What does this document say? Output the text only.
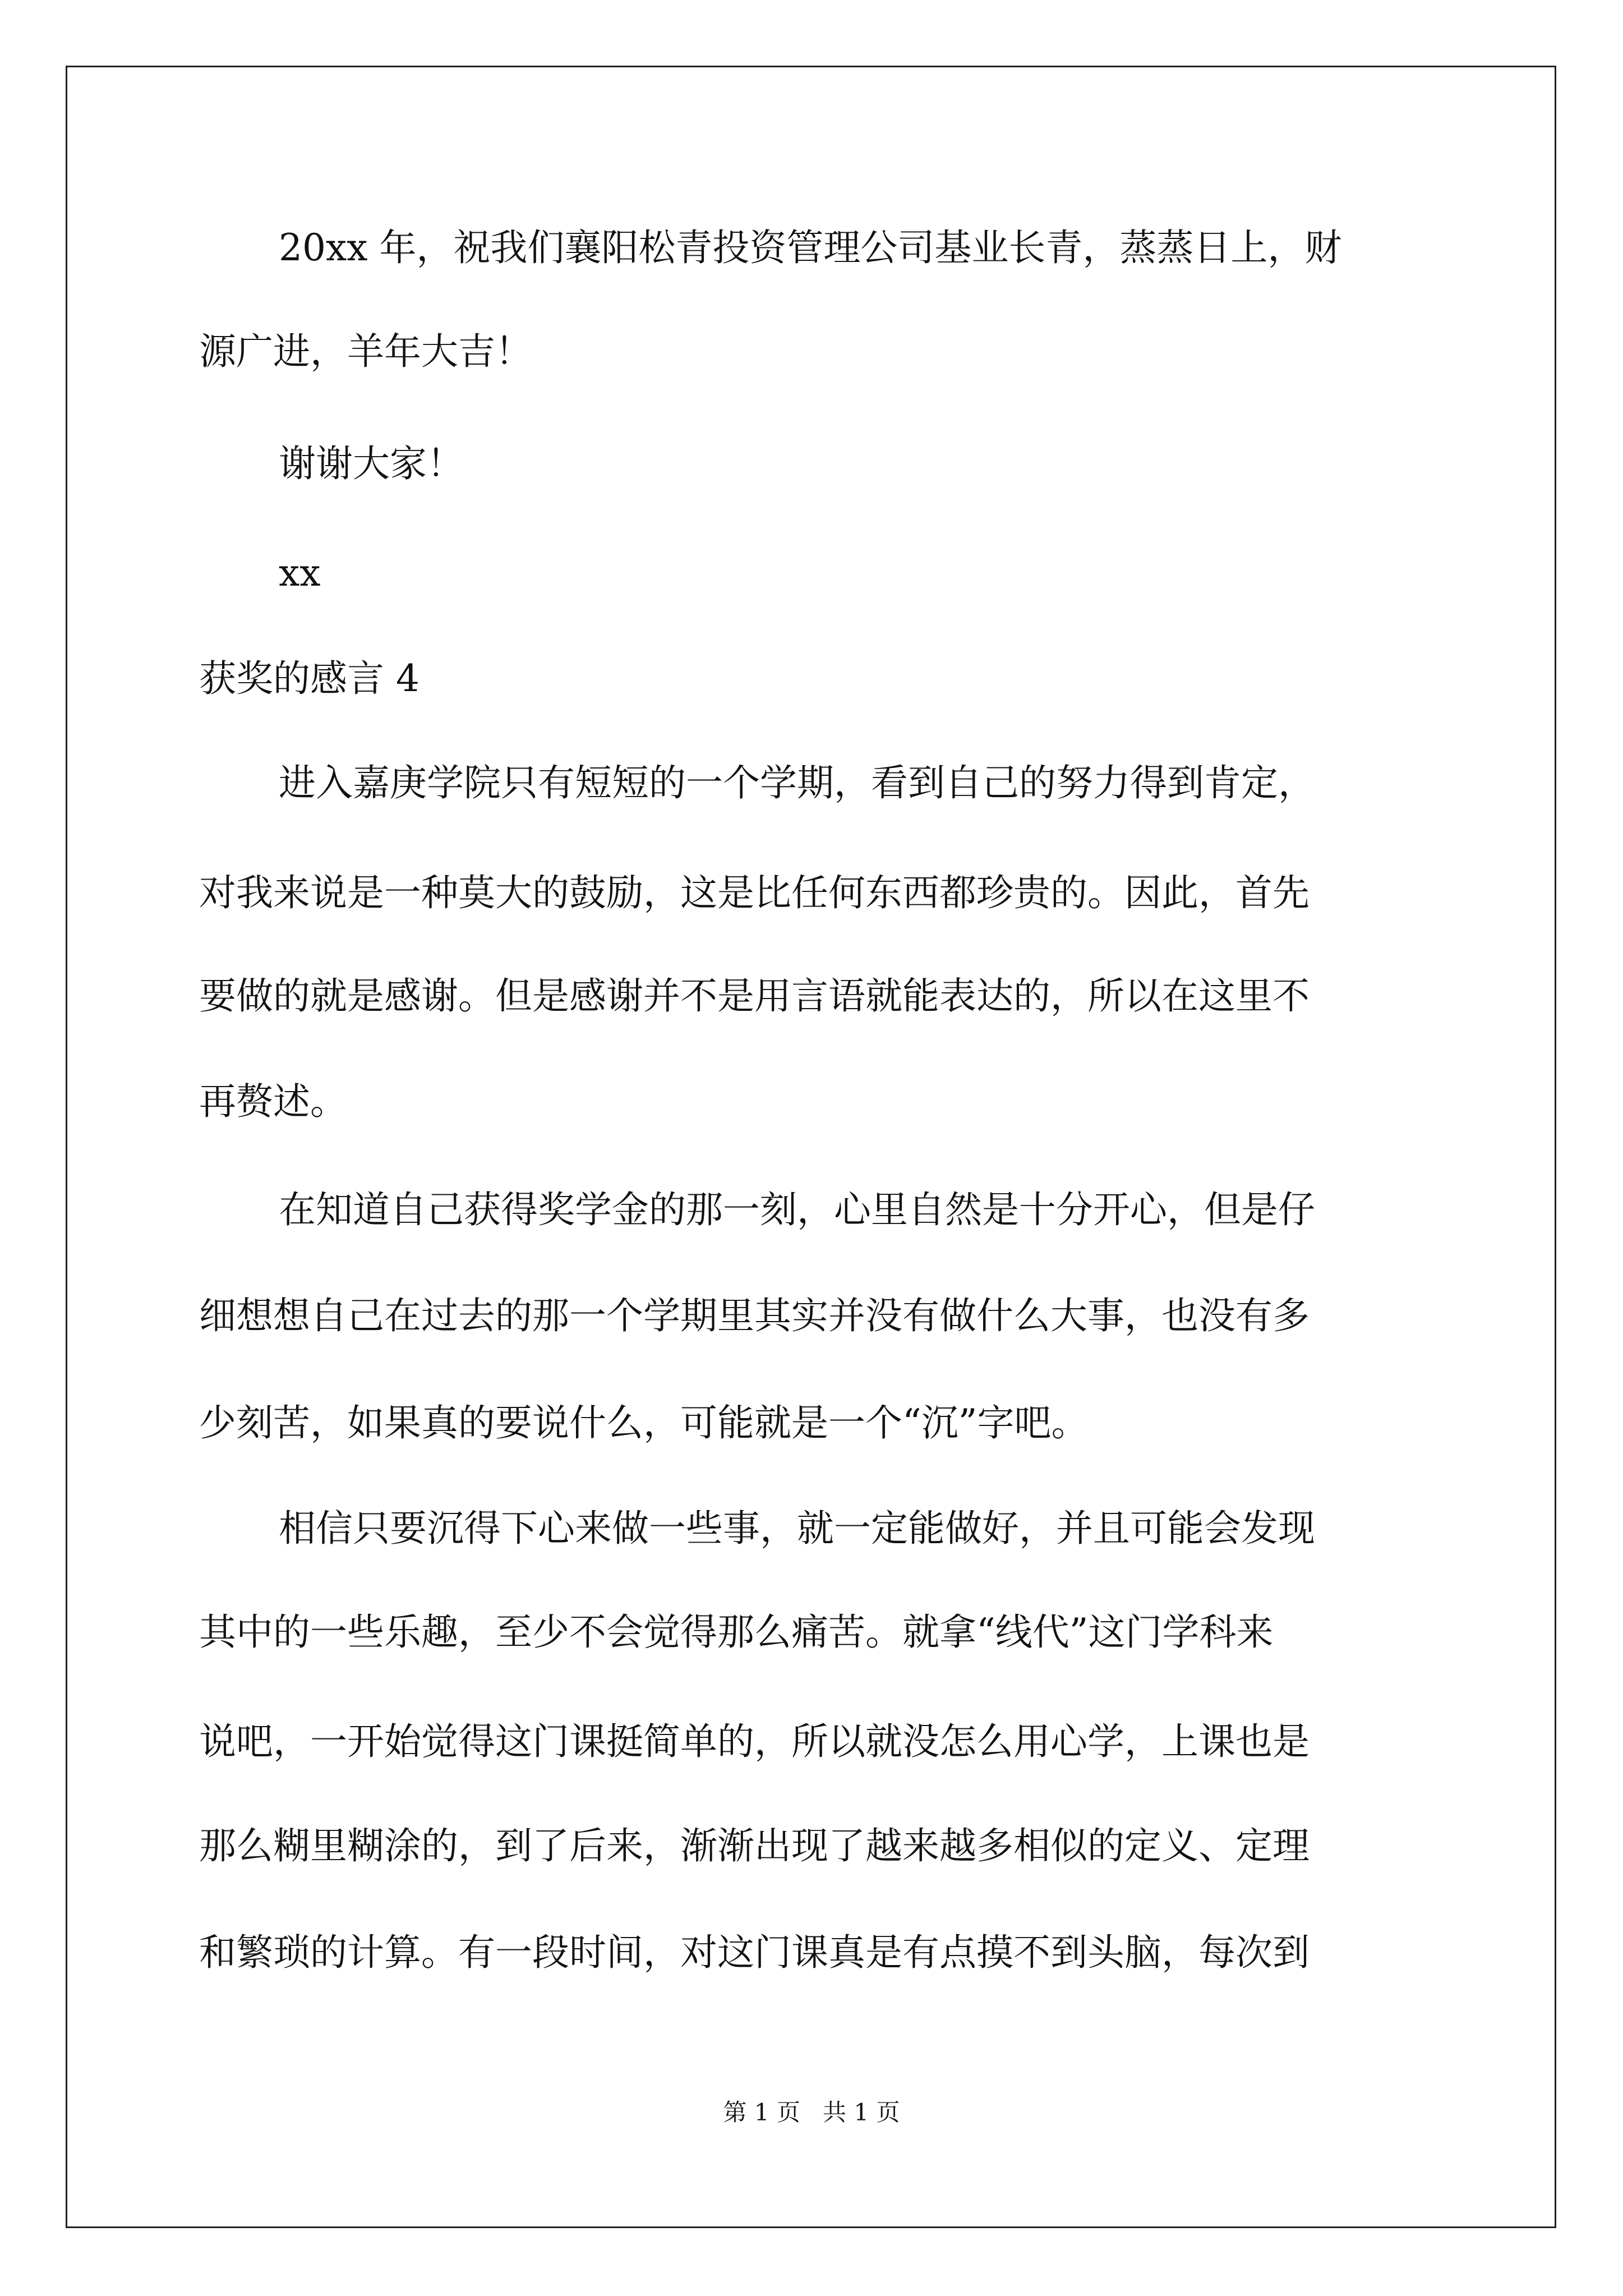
20xx 年，祝我们襄阳松青投资管理公司基业长青，蒸蒸日上，财
源广进，羊年大吉！
谢谢大家！
xx
获奖的感言 4
进入嘉庚学院只有短短的一个学期，看到自己的努力得到肯定，
对我来说是一种莫大的鼓励，这是比任何东西都珍贵的。因此，首先
要做的就是感谢。但是感谢并不是用言语就能表达的，所以在这里不
再赘述。
在知道自己获得奖学金的那一刻，心里自然是十分开心，但是仔
细想想自己在过去的那一个学期里其实并没有做什么大事，也没有多
少刻苦，如果真的要说什么，可能就是一个“沉”字吧。
相信只要沉得下心来做一些事，就一定能做好，并且可能会发现
其中的一些乐趣，至少不会觉得那么痛苦。就拿“线代”这门学科来
说吧，一开始觉得这门课挺简单的，所以就没怎么用心学，上课也是
那么糊里糊涂的，到了后来，渐渐出现了越来越多相似的定义、定理
和繁琐的计算。有一段时间，对这门课真是有点摸不到头脑，每次到
第 1 页   共 1 页
